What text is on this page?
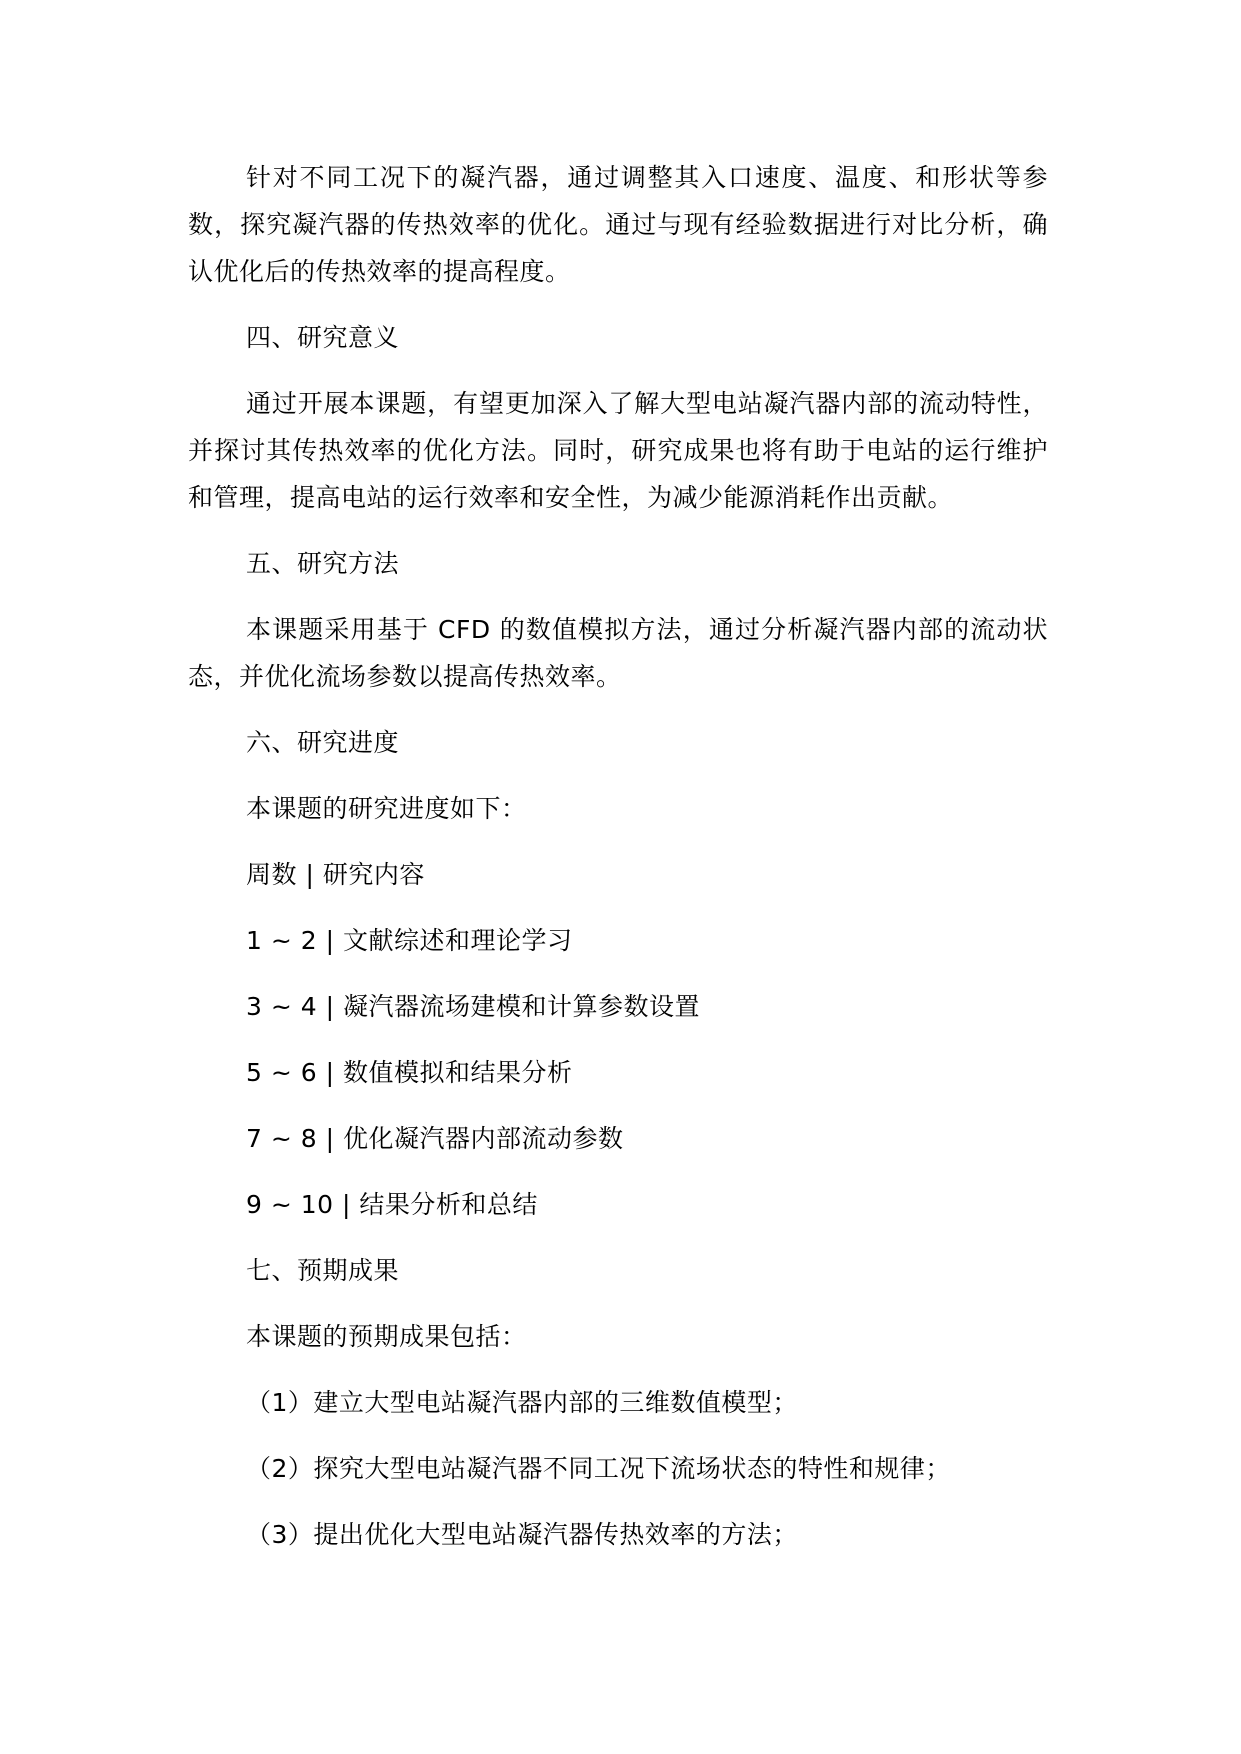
针对不同工况下的凝汽器，通过调整其入口速度、温度、和形状等参数，探究凝汽器的传热效率的优化。通过与现有经验数据进行对比分析，确认优化后的传热效率的提高程度。

四、研究意义

通过开展本课题，有望更加深入了解大型电站凝汽器内部的流动特性，并探讨其传热效率的优化方法。同时，研究成果也将有助于电站的运行维护和管理，提高电站的运行效率和安全性，为减少能源消耗作出贡献。

五、研究方法

本课题采用基于 CFD 的数值模拟方法，通过分析凝汽器内部的流动状态，并优化流场参数以提高传热效率。

六、研究进度

本课题的研究进度如下：

周数 | 研究内容

1 ~ 2 | 文献综述和理论学习

3 ~ 4 | 凝汽器流场建模和计算参数设置

5 ~ 6 | 数值模拟和结果分析

7 ~ 8 | 优化凝汽器内部流动参数

9 ~ 10 | 结果分析和总结

七、预期成果

本课题的预期成果包括：

（1）建立大型电站凝汽器内部的三维数值模型；

（2）探究大型电站凝汽器不同工况下流场状态的特性和规律；

（3）提出优化大型电站凝汽器传热效率的方法；
